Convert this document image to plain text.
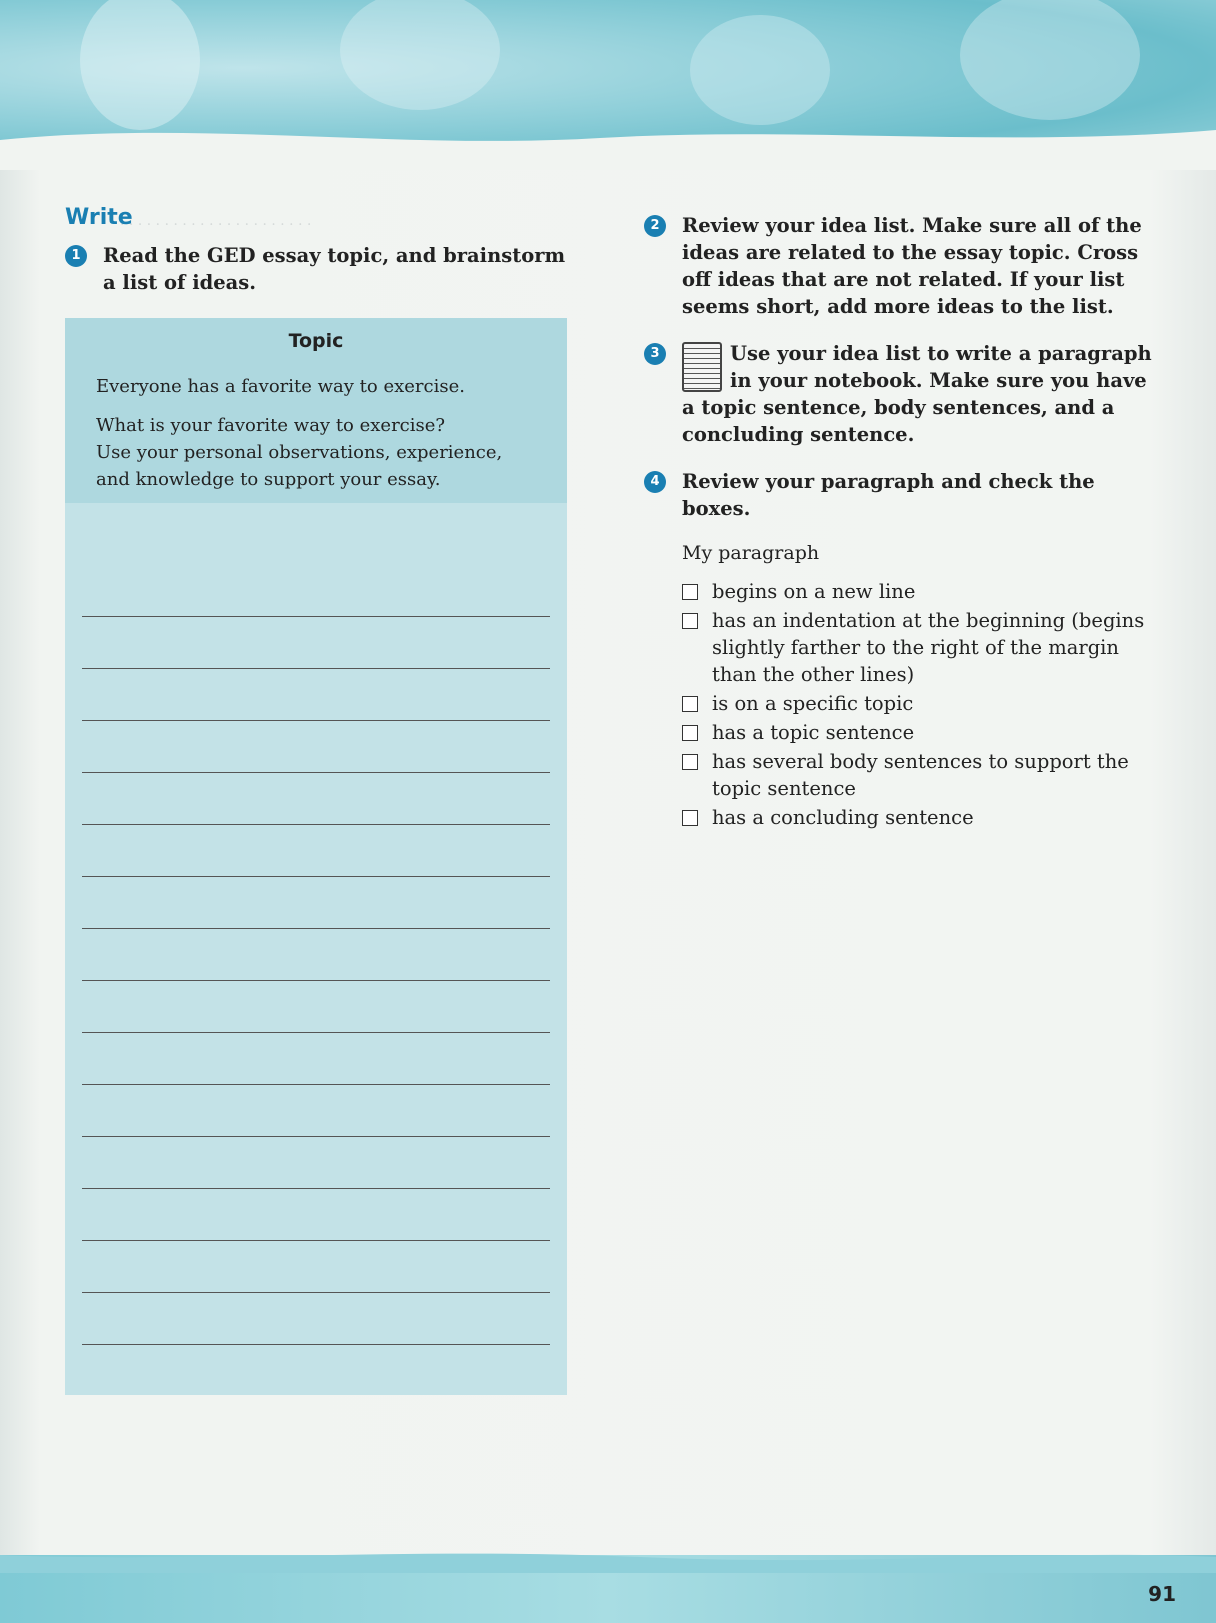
· · · · · · · · · · · · · · · · · · · · · ·
Write
1	Read the GED essay topic, and brainstorm
a list of ideas.
Topic

Everyone has a favorite way to exercise.

What is your favorite way to exercise?
Use your personal observations, experience,
and knowledge to support your essay.
2	Review your idea list. Make sure all of the
ideas are related to the essay topic. Cross
off ideas that are not related. If your list
seems short, add more ideas to the list.
3	Use your idea list to write a paragraph
in your notebook. Make sure you have
a topic sentence, body sentences, and a
concluding sentence.
4	Review your paragraph and check the
boxes.
My paragraph
begins on a new line
has an indentation at the beginning (begins
slightly farther to the right of the margin
than the other lines)
is on a specific topic
has a topic sentence
has several body sentences to support the
topic sentence
has a concluding sentence
91
